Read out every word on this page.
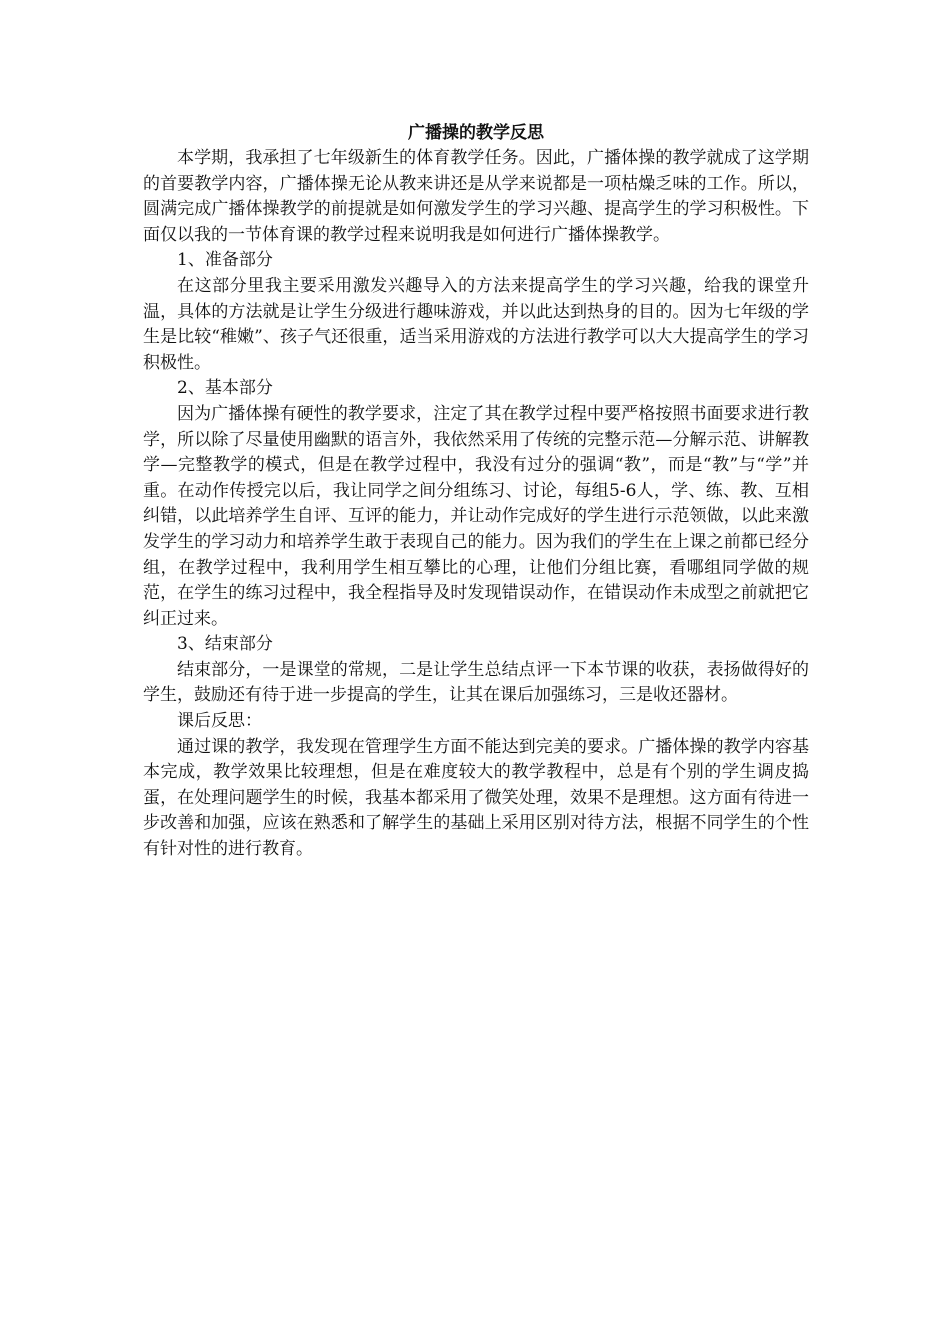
广播操的教学反思

本学期，我承担了七年级新生的体育教学任务。因此，广播体操的教学就成了这学期的首要教学内容，广播体操无论从教来讲还是从学来说都是一项枯燥乏味的工作。所以，圆满完成广播体操教学的前提就是如何激发学生的学习兴趣、提高学生的学习积极性。下面仅以我的一节体育课的教学过程来说明我是如何进行广播体操教学。

1、准备部分

在这部分里我主要采用激发兴趣导入的方法来提高学生的学习兴趣，给我的课堂升温，具体的方法就是让学生分级进行趣味游戏，并以此达到热身的目的。因为七年级的学生是比较“稚嫩”、孩子气还很重，适当采用游戏的方法进行教学可以大大提高学生的学习积极性。

2、基本部分

因为广播体操有硬性的教学要求，注定了其在教学过程中要严格按照书面要求进行教学，所以除了尽量使用幽默的语言外，我依然采用了传统的完整示范—分解示范、讲解教学—完整教学的模式，但是在教学过程中，我没有过分的强调“教”，而是“教”与“学”并重。在动作传授完以后，我让同学之间分组练习、讨论，每组5-6人，学、练、教、互相纠错，以此培养学生自评、互评的能力，并让动作完成好的学生进行示范领做，以此来激发学生的学习动力和培养学生敢于表现自己的能力。因为我们的学生在上课之前都已经分组，在教学过程中，我利用学生相互攀比的心理，让他们分组比赛，看哪组同学做的规范，在学生的练习过程中，我全程指导及时发现错误动作，在错误动作未成型之前就把它纠正过来。

3、结束部分

结束部分，一是课堂的常规，二是让学生总结点评一下本节课的收获，表扬做得好的学生，鼓励还有待于进一步提高的学生，让其在课后加强练习，三是收还器材。

课后反思：

通过课的教学，我发现在管理学生方面不能达到完美的要求。广播体操的教学内容基本完成，教学效果比较理想，但是在难度较大的教学教程中，总是有个别的学生调皮捣蛋，在处理问题学生的时候，我基本都采用了微笑处理，效果不是理想。这方面有待进一步改善和加强，应该在熟悉和了解学生的基础上采用区别对待方法，根据不同学生的个性有针对性的进行教育。
